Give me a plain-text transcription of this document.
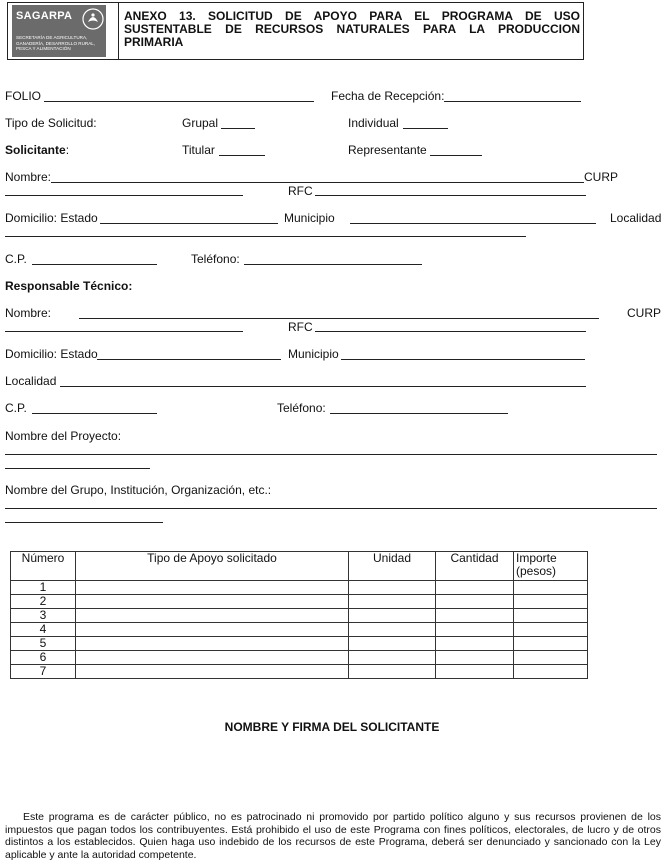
SAGARPA
SECRETARÍA DE AGRICULTURA, GANADERÍA, DESARROLLO RURAL, PESCA Y ALIMENTACIÓN
ANEXO 13. SOLICITUD DE APOYO PARA EL PROGRAMA DE USO SUSTENTABLE DE RECURSOS NATURALES PARA LA PRODUCCION PRIMARIA
FOLIO	Fecha de Recepción:
Tipo de Solicitud:	Grupal	Individual
Solicitante:	Titular	Representante
Nombre:	CURP
RFC
Domicilio: Estado	Municipio	Localidad
C.P.	Teléfono:
Responsable Técnico:
Nombre:	CURP
RFC
Domicilio: Estado	Municipio
Localidad
C.P.	Teléfono:
Nombre del Proyecto:
Nombre del Grupo, Institución, Organización, etc.:
Número	Tipo de Apoyo solicitado	Unidad	Cantidad	Importe (pesos)
1				
2				
3				
4				
5				
6				
7				
NOMBRE Y FIRMA DEL SOLICITANTE
Este programa es de carácter público, no es patrocinado ni promovido por partido político alguno y sus recursos provienen de los impuestos que pagan todos los contribuyentes. Está prohibido el uso de este Programa con fines políticos, electorales, de lucro y de otros distintos a los establecidos. Quien haga uso indebido de los recursos de este Programa, deberá ser denunciado y sancionado con la Ley aplicable y ante la autoridad competente.
